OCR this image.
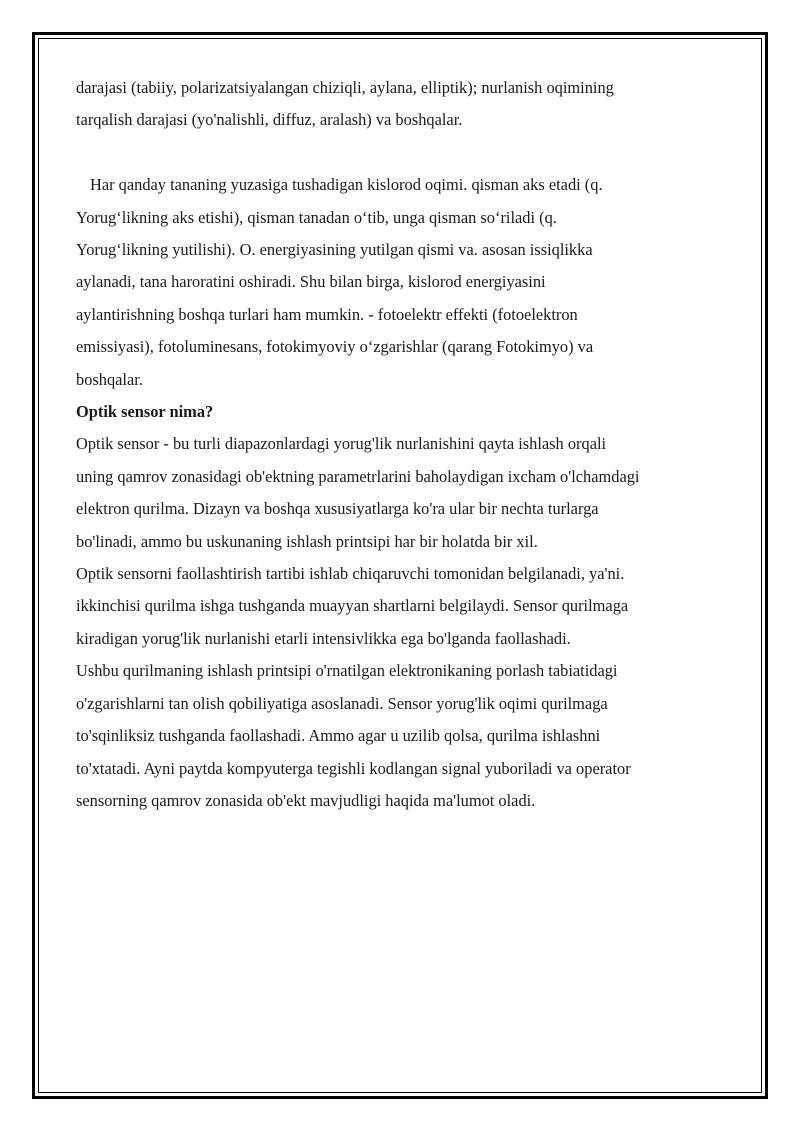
darajasi (tabiiy, polarizatsiyalangan chiziqli, aylana, elliptik); nurlanish oqimining

tarqalish darajasi (yo'nalishli, diffuz, aralash) va boshqalar.

Har qanday tananing yuzasiga tushadigan kislorod oqimi. qisman aks etadi (q.

Yorug‘likning aks etishi), qisman tanadan o‘tib, unga qisman so‘riladi (q.

Yorug‘likning yutilishi). O. energiyasining yutilgan qismi va. asosan issiqlikka

aylanadi, tana haroratini oshiradi. Shu bilan birga, kislorod energiyasini

aylantirishning boshqa turlari ham mumkin. - fotoelektr effekti (fotoelektron

emissiyasi), fotoluminesans, fotokimyoviy o‘zgarishlar (qarang Fotokimyo) va

boshqalar.

Optik sensor nima?

Optik sensor - bu turli diapazonlardagi yorug'lik nurlanishini qayta ishlash orqali

uning qamrov zonasidagi ob'ektning parametrlarini baholaydigan ixcham o'lchamdagi

elektron qurilma. Dizayn va boshqa xususiyatlarga ko'ra ular bir nechta turlarga

bo'linadi, ammo bu uskunaning ishlash printsipi har bir holatda bir xil.

Optik sensorni faollashtirish tartibi ishlab chiqaruvchi tomonidan belgilanadi, ya'ni.

ikkinchisi qurilma ishga tushganda muayyan shartlarni belgilaydi. Sensor qurilmaga

kiradigan yorug'lik nurlanishi etarli intensivlikka ega bo'lganda faollashadi.

Ushbu qurilmaning ishlash printsipi o'rnatilgan elektronikaning porlash tabiatidagi

o'zgarishlarni tan olish qobiliyatiga asoslanadi. Sensor yorug'lik oqimi qurilmaga

to'sqinliksiz tushganda faollashadi. Ammo agar u uzilib qolsa, qurilma ishlashni

to'xtatadi. Ayni paytda kompyuterga tegishli kodlangan signal yuboriladi va operator

sensorning qamrov zonasida ob'ekt mavjudligi haqida ma'lumot oladi.
